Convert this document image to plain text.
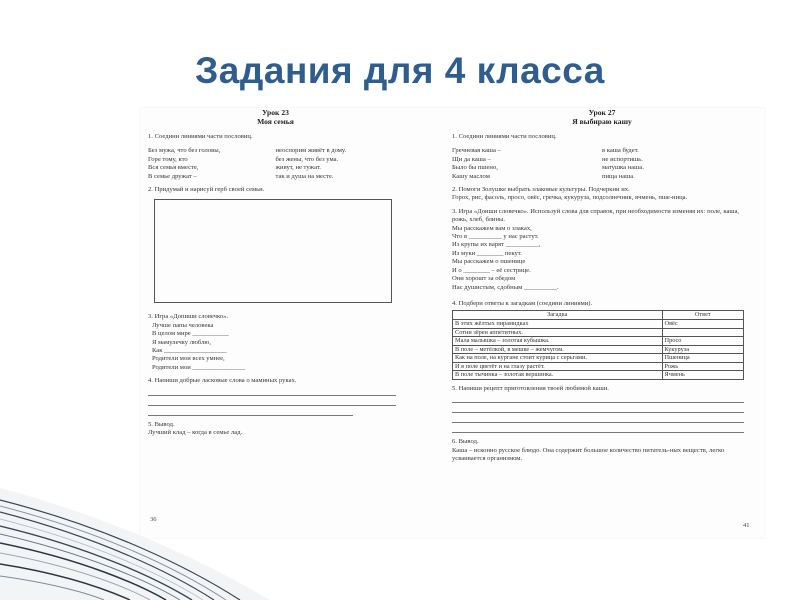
Задания для 4 класса
Урок 23
Моя семья
1. Соедини линиями части пословиц.
Без мужа, что без головы,	неоспорим живёт в дому.
Горе тому, кто	без жены, что без ума.
Вся семья вместе,	живут, не тужат.
В семье дружат –	так и душа на месте.
2. Придумай и нарисуй герб своей семьи.
3. Игра «Допиши словечко».
Лучше папы человека
В целом мире ___________
Я мамулечку люблю,
Как ___________________
Родители мои всех умнее,
Родители мои ________________
4. Напиши добрые ласковые слова о маминых руках.
5. Вывод.
Лучший клад – когда в семье лад.
36
Урок 27
Я выбираю кашу
1. Соедини линиями части пословиц.
Гречневая каша –	в каша будет.
Щи да каша –	не испортишь.
Было бы пшено,	матушка наша.
Кашу маслом	пища наша.
2. Помоги Золушке выбрать злаковые культуры. Подчеркни их.
Горох, рис, фасоль, просо, овёс, гречка, кукуруза, подсолнечник, ячмень, пше-ница.
3. Игра «Доиши словечко». Используй слова для справок, при необходимости изменяя их: поле, каша, рожь, хлеб, блины.
Мы расскажем вам о злаках,
Что в __________ у нас растут.
Из крупы их варят __________,
Из муки ________ пекут.
Мы расскажем о пшенице
И о ________ – её сестрице.
Они хорошт за обедом
Нас душистым, сдобным __________.
4. Подбери ответы к загадкам (соедини линиями).
Загадка	Ответ
В этих жёлтых пирамидках	Овёс
Сотни зёрен аппетитных.	
Мала малышка – золотая кубышка.	Просо
В поле – метёлкой, в мешке – жемчугом.	Кукуруза
Как на поле, на кургане стоит курица с серьгами.	Пшеница
И в поле цветёт и на глазу растёт.	Рожь
В поле тычинка – золотая вершинка.	Ячмень
5. Напиши рецепт приготовления твоей любимой каши.
6. Вывод.
Каша – исконно русское блюдо. Она содержит большое количество питатель-ных веществ, легко усваивается организмом.
41
